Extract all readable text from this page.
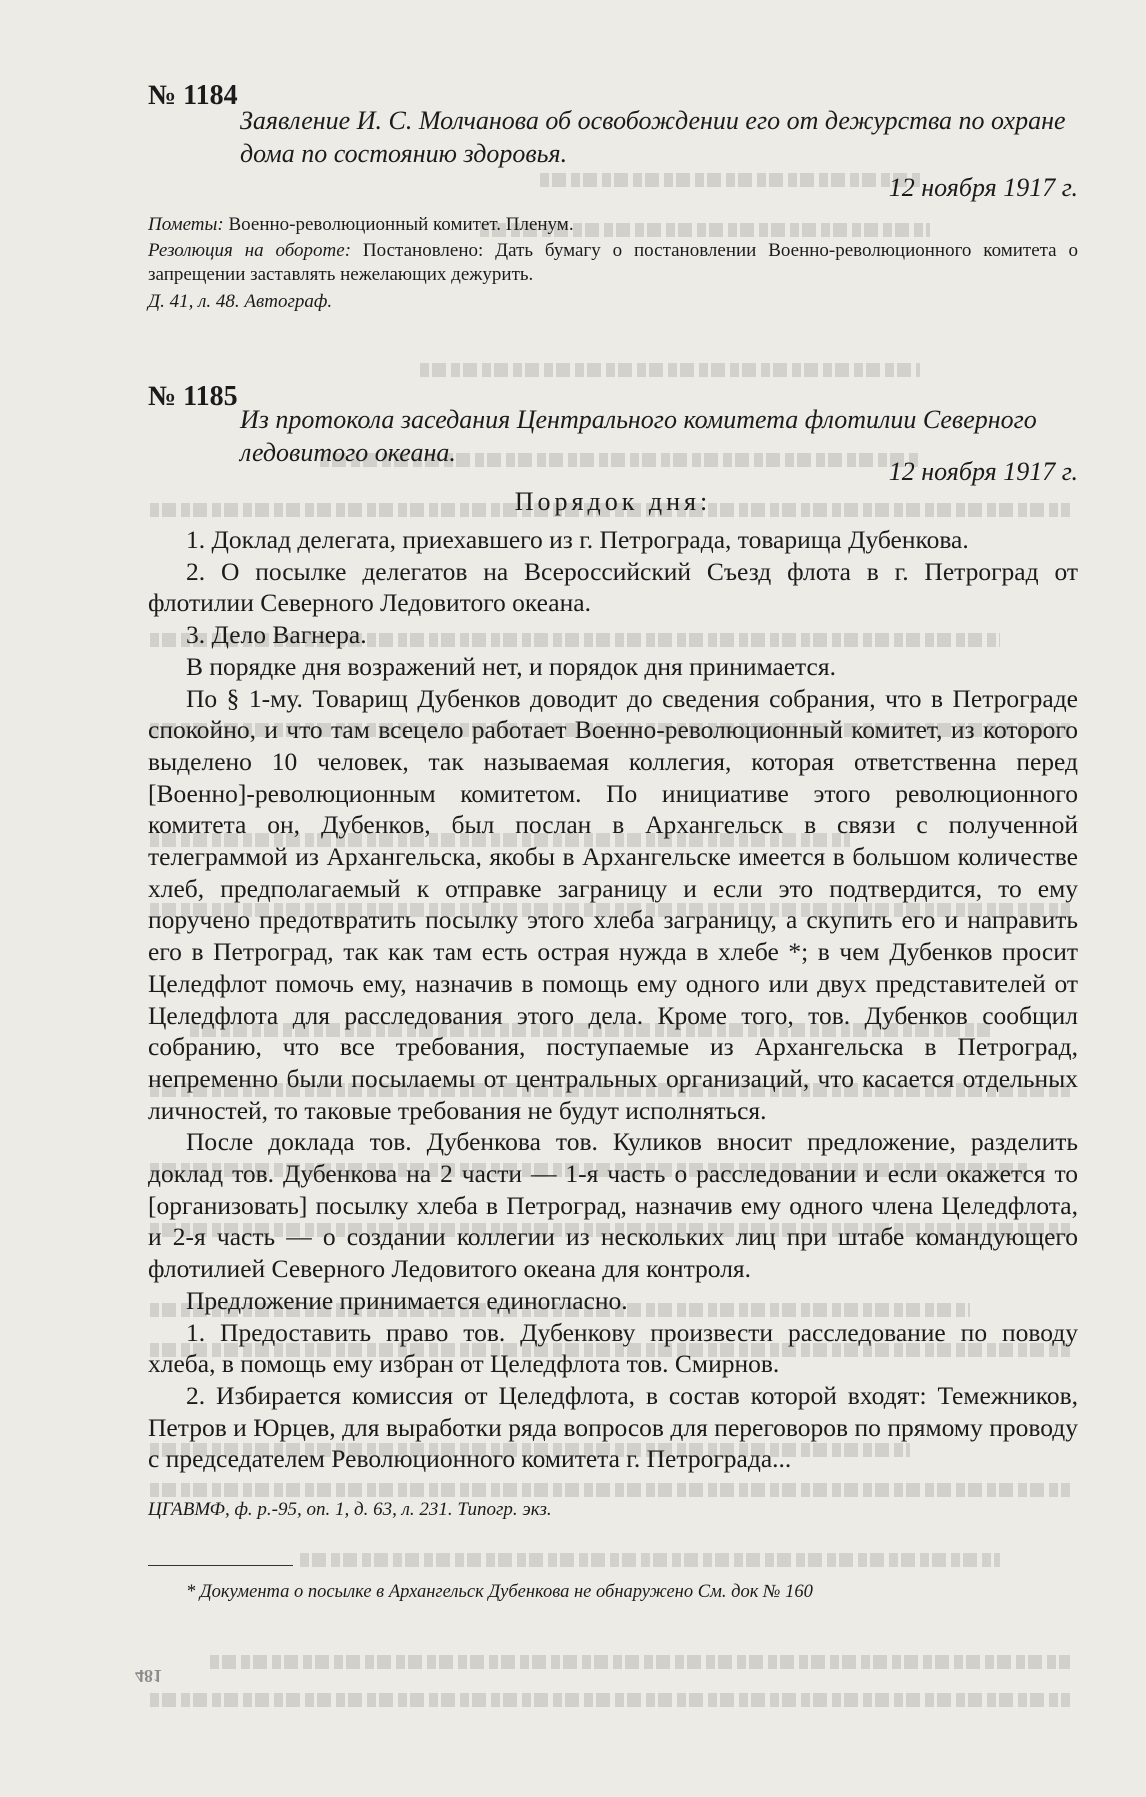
№ 1184
Заявление И. С. Молчанова об освобождении его от дежурства по охране дома по состоянию здоровья.
12 ноября 1917 г.
Пометы: Военно-революционный комитет. Пленум.
Резолюция на обороте: Постановлено: Дать бумагу о постановлении Военно-революционного комитета о запрещении заставлять нежелающих дежурить.
Д. 41, л. 48. Автограф.
№ 1185
Из протокола заседания Центрального комитета флотилии Северного ледовитого океана.
12 ноября 1917 г.
Порядок дня:

1. Доклад делегата, приехавшего из г. Петрограда, товарища Дубенкова.

2. О посылке делегатов на Всероссийский Съезд флота в г. Петроград от флотилии Северного Ледовитого океана.

3. Дело Вагнера.

В порядке дня возражений нет, и порядок дня принимается.

По § 1-му. Товарищ Дубенков доводит до сведения собрания, что в Петрограде спокойно, и что там всецело работает Военно-революционный комитет, из которого выделено 10 человек, так называемая коллегия, которая ответственна перед [Военно]-революционным комитетом. По инициативе этого революционного комитета он, Дубенков, был послан в Архангельск в связи с полученной телеграммой из Архангельска, якобы в Архангельске имеется в большом количестве хлеб, предполагаемый к отправке заграницу и если это подтвердится, то ему поручено предотвратить посылку этого хлеба заграницу, а скупить его и направить его в Петроград, так как там есть острая нужда в хлебе *; в чем Дубенков просит Целедфлот помочь ему, назначив в помощь ему одного или двух представителей от Целедфлота для расследования этого дела. Кроме того, тов. Дубенков сообщил собранию, что все требования, поступаемые из Архангельска в Петроград, непременно были посылаемы от центральных организаций, что касается отдельных личностей, то таковые требования не будут исполняться.

После доклада тов. Дубенкова тов. Куликов вносит предложение, разделить доклад тов. Дубенкова на 2 части — 1-я часть о расследовании и если окажется то [организовать] посылку хлеба в Петроград, назначив ему одного члена Целедфлота, и 2-я часть — о создании коллегии из нескольких лиц при штабе командующего флотилией Северного Ледовитого океана для контроля.

Предложение принимается единогласно.

1. Предоставить право тов. Дубенкову произвести расследование по поводу хлеба, в помощь ему избран от Целедфлота тов. Смирнов.

2. Избирается комиссия от Целедфлота, в состав которой входят: Темежников, Петров и Юрцев, для выработки ряда вопросов для переговоров по прямому проводу с председателем Революционного комитета г. Петрограда...

ЦГАВМФ, ф. р.-95, оп. 1, д. 63, л. 231. Типогр. экз.
* Документа о посылке в Архангельск Дубенкова не обнаружено См. док № 160
481
